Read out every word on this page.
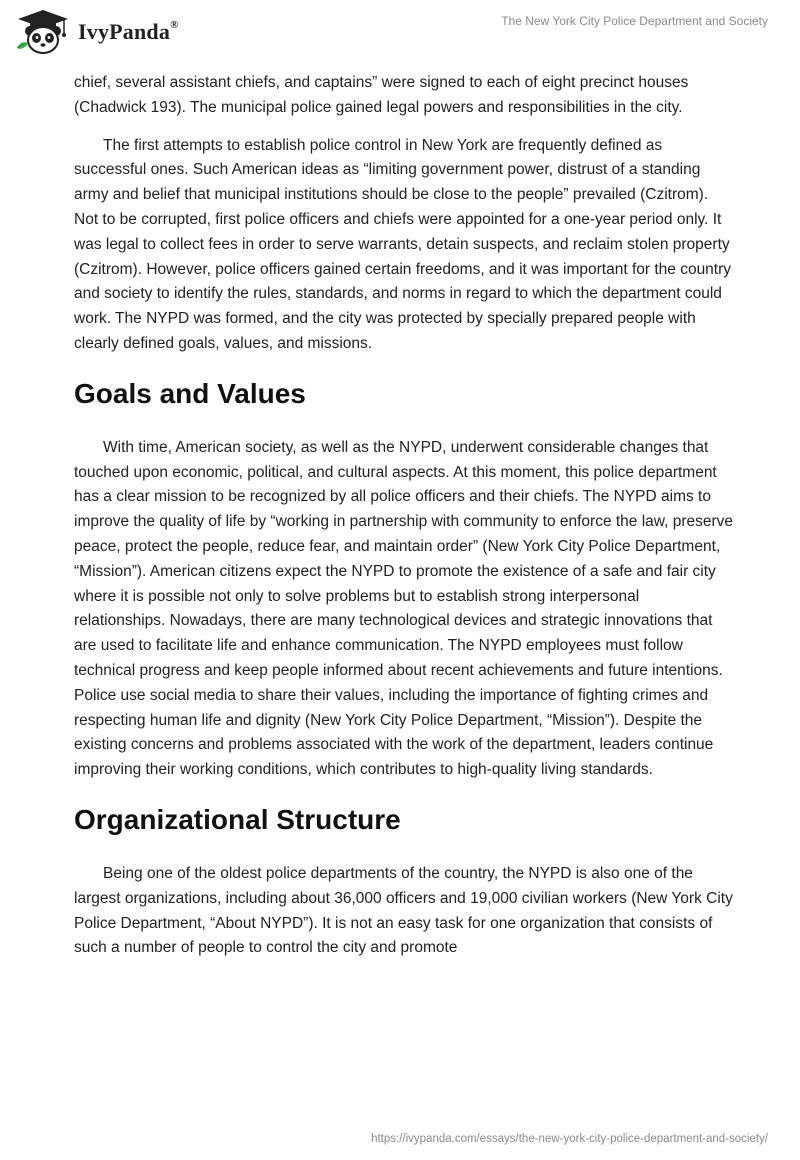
IvyPanda®	The New York City Police Department and Society

chief, several assistant chiefs, and captains” were signed to each of eight precinct houses (Chadwick 193). The municipal police gained legal powers and responsibilities in the city.

The first attempts to establish police control in New York are frequently defined as successful ones. Such American ideas as “limiting government power, distrust of a standing army and belief that municipal institutions should be close to the people” prevailed (Czitrom). Not to be corrupted, first police officers and chiefs were appointed for a one-year period only. It was legal to collect fees in order to serve warrants, detain suspects, and reclaim stolen property (Czitrom). However, police officers gained certain freedoms, and it was important for the country and society to identify the rules, standards, and norms in regard to which the department could work. The NYPD was formed, and the city was protected by specially prepared people with clearly defined goals, values, and missions.

Goals and Values

With time, American society, as well as the NYPD, underwent considerable changes that touched upon economic, political, and cultural aspects. At this moment, this police department has a clear mission to be recognized by all police officers and their chiefs. The NYPD aims to improve the quality of life by “working in partnership with community to enforce the law, preserve peace, protect the people, reduce fear, and maintain order” (New York City Police Department, “Mission”). American citizens expect the NYPD to promote the existence of a safe and fair city where it is possible not only to solve problems but to establish strong interpersonal relationships. Nowadays, there are many technological devices and strategic innovations that are used to facilitate life and enhance communication. The NYPD employees must follow technical progress and keep people informed about recent achievements and future intentions. Police use social media to share their values, including the importance of fighting crimes and respecting human life and dignity (New York City Police Department, “Mission”). Despite the existing concerns and problems associated with the work of the department, leaders continue improving their working conditions, which contributes to high-quality living standards.

Organizational Structure

Being one of the oldest police departments of the country, the NYPD is also one of the largest organizations, including about 36,000 officers and 19,000 civilian workers (New York City Police Department, “About NYPD”). It is not an easy task for one organization that consists of such a number of people to control the city and promote

https://ivypanda.com/essays/the-new-york-city-police-department-and-society/
